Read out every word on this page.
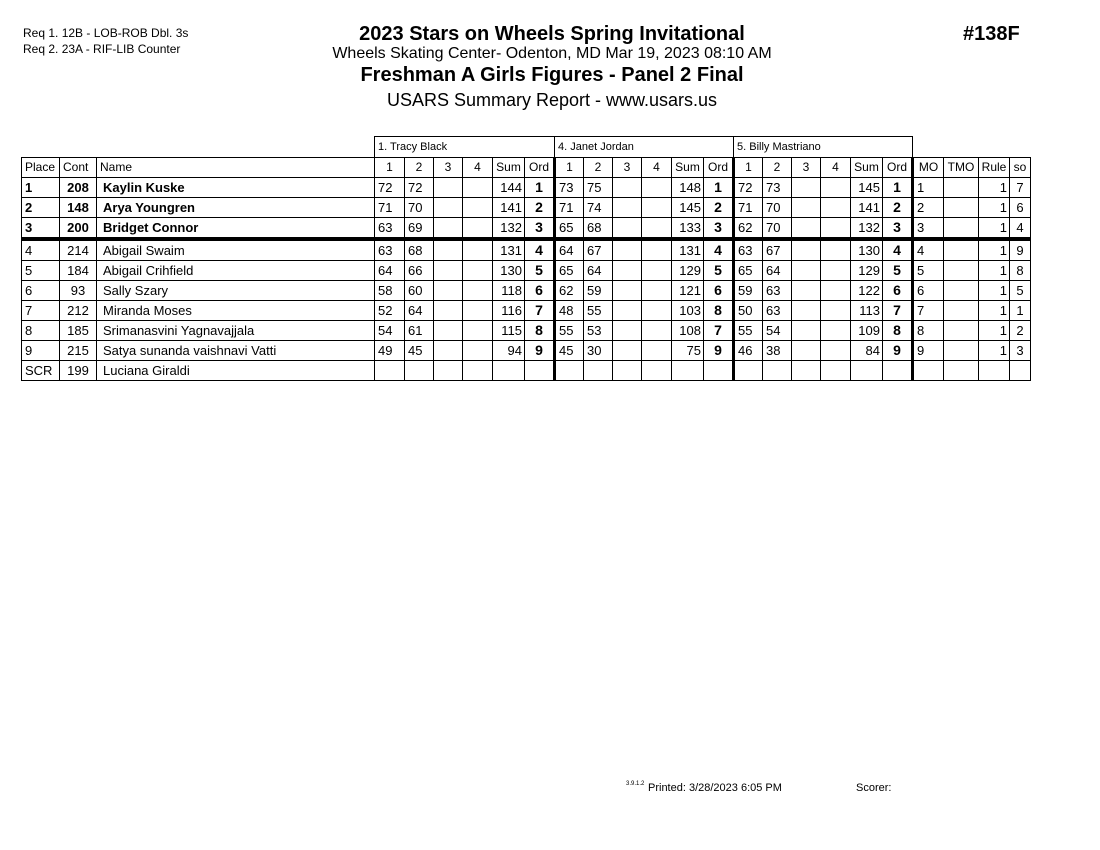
Req 1. 12B - LOB-ROB Dbl. 3s
Req 2. 23A - RIF-LIB Counter
#138F
2023 Stars on Wheels Spring Invitational
Wheels Skating Center- Odenton, MD Mar 19, 2023 08:10 AM
Freshman A Girls Figures - Panel 2 Final
USARS Summary Report - www.usars.us
			1. Tracy Black						4. Janet Jordan						5. Billy Mastriano									
Place	Cont	Name	1	2	3	4	Sum	Ord	1	2	3	4	Sum	Ord	1	2	3	4	Sum	Ord	MO	TMO	Rule	so
1	208	Kaylin Kuske	72	72			144	1	73	75			148	1	72	73			145	1	1		1	7
2	148	Arya Youngren	71	70			141	2	71	74			145	2	71	70			141	2	2		1	6
3	200	Bridget Connor	63	69			132	3	65	68			133	3	62	70			132	3	3		1	4
4	214	Abigail Swaim	63	68			131	4	64	67			131	4	63	67			130	4	4		1	9
5	184	Abigail Crihfield	64	66			130	5	65	64			129	5	65	64			129	5	5		1	8
6	93	Sally Szary	58	60			118	6	62	59			121	6	59	63			122	6	6		1	5
7	212	Miranda Moses	52	64			116	7	48	55			103	8	50	63			113	7	7		1	1
8	185	Srimanasvini Yagnavajjala	54	61			115	8	55	53			108	7	55	54			109	8	8		1	2
9	215	Satya sunanda vaishnavi Vatti	49	45			94	9	45	30			75	9	46	38			84	9	9		1	3
SCR	199	Luciana Giraldi																						
3.9.1.2 Printed: 3/28/2023 6:05 PM	Scorer:
